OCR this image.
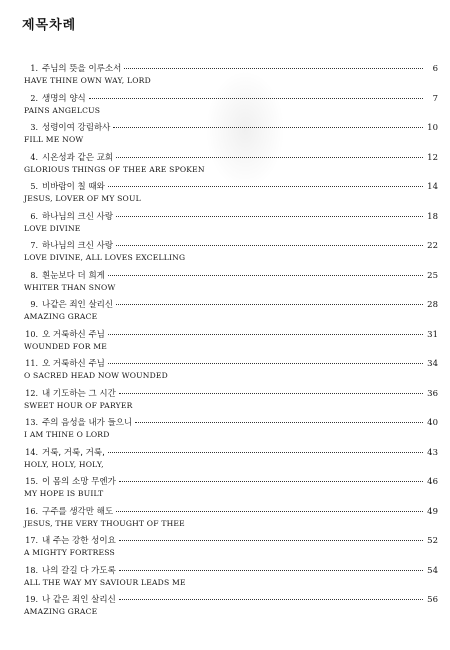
제목차례
1. 주님의 뜻을 이루소서	6
HAVE THINE OWN WAY, LORD
2. 생명의 양식	7
PAINS ANGELCUS
3. 성령이여 강림하사	10
FILL ME NOW
4. 시온성과 같은 교회	12
GLORIOUS THINGS OF THEE ARE SPOKEN
5. 비바람이 칠 때와	14
JESUS, LOVER OF MY SOUL
6. 하나님의 크신 사랑	18
LOVE DIVINE
7. 하나님의 크신 사랑	22
LOVE DIVINE, ALL LOVES EXCELLING
8. 흰눈보다 더 희게	25
WHITER THAN SNOW
9. 나같은 죄인 살리신	28
AMAZING GRACE
10. 오 거룩하신 주님	31
WOUNDED FOR ME
11. 오 거룩하신 주님	34
O SACRED HEAD NOW WOUNDED
12. 내 기도하는 그 시간	36
SWEET HOUR OF PARYER
13. 주의 음성을 내가 들으니	40
I AM THINE O LORD
14. 거룩, 거룩, 거룩,	43
HOLY, HOLY, HOLY,
15. 이 몸의 소망 무엔가	46
MY HOPE IS BUILT
16. 구주를 생각만 해도	49
JESUS, THE VERY THOUGHT OF THEE
17. 내 주는 강한 성이요	52
A MIGHTY FORTRESS
18. 나의 갈길 다 가도록	54
ALL THE WAY MY SAVIOUR LEADS ME
19. 나 같은 죄인 살리신	56
AMAZING GRACE
